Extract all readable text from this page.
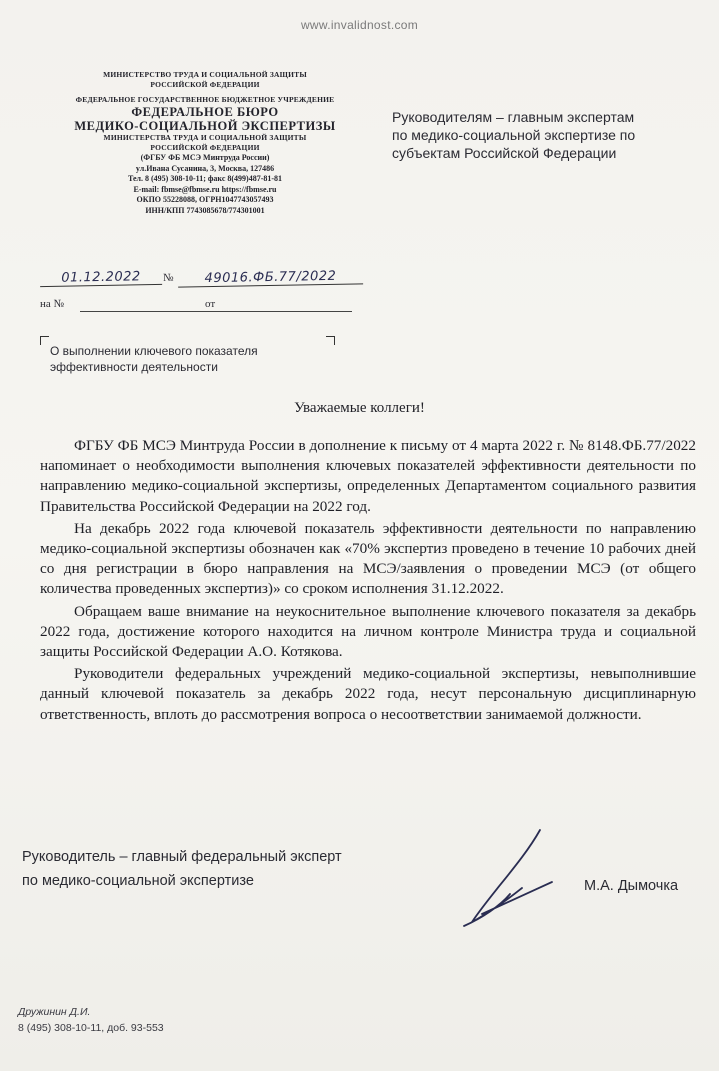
www.invalidnost.com
МИНИСТЕРСТВО ТРУДА И СОЦИАЛЬНОЙ ЗАЩИТЫ
РОССИЙСКОЙ ФЕДЕРАЦИИ
ФЕДЕРАЛЬНОЕ ГОСУДАРСТВЕННОЕ БЮДЖЕТНОЕ УЧРЕЖДЕНИЕ
ФЕДЕРАЛЬНОЕ БЮРО
МЕДИКО-СОЦИАЛЬНОЙ ЭКСПЕРТИЗЫ
МИНИСТЕРСТВА ТРУДА И СОЦИАЛЬНОЙ ЗАЩИТЫ
РОССИЙСКОЙ ФЕДЕРАЦИИ
(ФГБУ ФБ МСЭ Минтруда России)
ул.Ивана Сусанина, 3, Москва, 127486
Тел. 8 (495) 308-10-11; факс 8(499)487-81-81
E-mail: fbmse@fbmse.ru https://fbmse.ru
ОКПО 55228088, ОГРН1047743057493
ИНН/КПП 7743085678/774301001
Руководителям – главным экспертам
по медико-социальной экспертизе по
субъектам Российской Федерации
01.12.2022	№	49016.ФБ.77/2022
на №	от
О выполнении ключевого показателя
эффективности деятельности
Уважаемые коллеги!

ФГБУ ФБ МСЭ Минтруда России в дополнение к письму от 4 марта 2022 г. № 8148.ФБ.77/2022 напоминает о необходимости выполнения ключевых показателей эффективности деятельности по направлению медико-социальной экспертизы, определенных Департаментом социального развития Правительства Российской Федерации на 2022 год.

На декабрь 2022 года ключевой показатель эффективности деятельности по направлению медико-социальной экспертизы обозначен как «70% экспертиз проведено в течение 10 рабочих дней со дня регистрации в бюро направления на МСЭ/заявления о проведении МСЭ (от общего количества проведенных экспертиз)» со сроком исполнения 31.12.2022.

Обращаем ваше внимание на неукоснительное выполнение ключевого показателя за декабрь 2022 года, достижение которого находится на личном контроле Министра труда и социальной защиты Российской Федерации А.О. Котякова.

Руководители федеральных учреждений медико-социальной экспертизы, невыполнившие данный ключевой показатель за декабрь 2022 года, несут персональную дисциплинарную ответственность, вплоть до рассмотрения вопроса о несоответствии занимаемой должности.

Руководитель – главный федеральный эксперт
по медико-социальной экспертизе	М.А. Дымочка
Дружинин Д.И.
8 (495) 308-10-11, доб. 93-553
